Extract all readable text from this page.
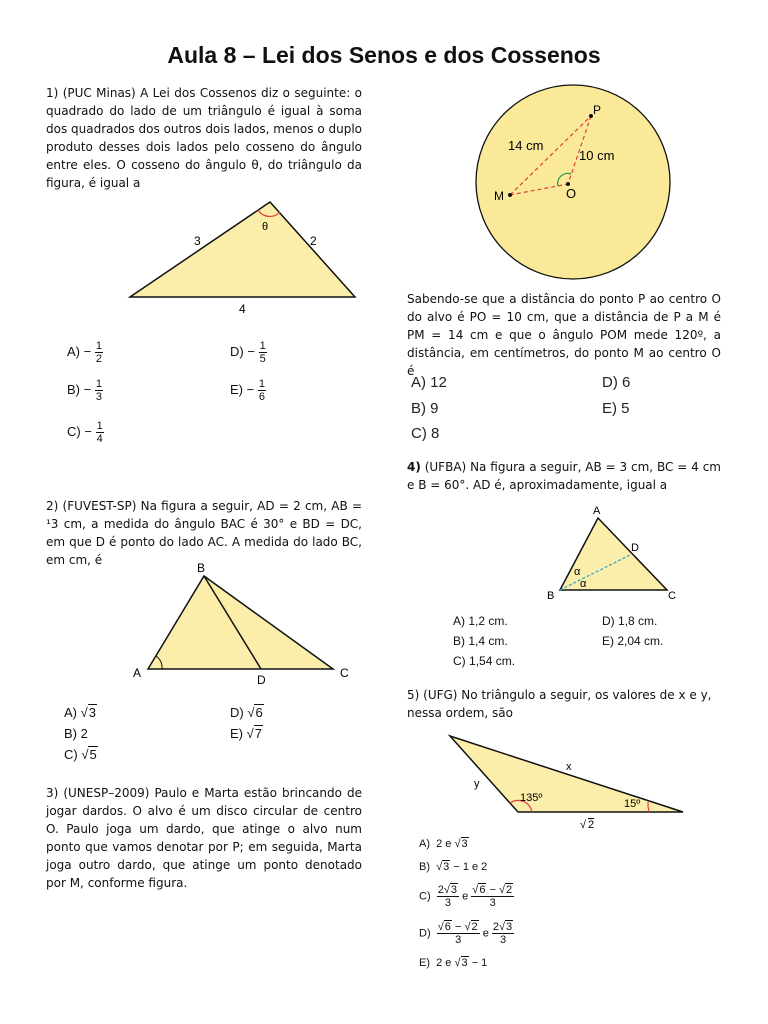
Aula 8 – Lei dos Senos e dos Cossenos
1) (PUC Minas) A Lei dos Cossenos diz o seguinte: o quadrado do lado de um triângulo é igual à soma dos quadrados dos outros dois lados, menos o duplo produto desses dois lados pelo cosseno do ângulo entre eles. O cosseno do ângulo θ, do triângulo da figura, é igual a
θ
3	2
4
$A) - \frac{1}{2}$
$B) - \frac{1}{3}$
$C) - \frac{1}{4}$
$D) - \frac{1}{5}$
$E) - \frac{1}{6}$
2) (FUVEST-SP) Na figura a seguir, AD = 2 cm, AB = ¹3 cm, a medida do ângulo BAC é 30° e BD = DC, em que D é ponto do lado AC. A medida do lado BC, em cm, é
B
A	D	C
A) √3
B) 2
C) √5
D) √6
E) √7
3) (UNESP–2009) Paulo e Marta estão brincando de jogar dardos. O alvo é um disco circular de centro O. Paulo joga um dardo, que atinge o alvo num ponto que vamos denotar por P; em seguida, Marta joga outro dardo, que atinge um ponto denotado por M, conforme figura.
P
M	O
14 cm
10 cm
Sabendo-se que a distância do ponto P ao centro O do alvo é PO = 10 cm, que a distância de P a M é PM = 14 cm e que o ângulo POM mede 120º, a distância, em centímetros, do ponto M ao centro O é
A) 12
B) 9
C) 8
D) 6
E) 5
4) (UFBA) Na figura a seguir, AB = 3 cm, BC = 4 cm e B = 60°. AD é, aproximadamente, igual a
A
B	C
D
α
α
A) 1,2 cm.
B) 1,4 cm.
C) 1,54 cm.
D) 1,8 cm.
E) 2,04 cm.
5) (UFG) No triângulo a seguir, os valores de x e y, nessa ordem, são
x
y
135º	15º
√ 2
A) 2 e √3
B)  √3 − 1 e 2
$C) \frac{2√3}{3}$ e $\frac{√6 - √2}{3}$
$D) \frac{√6 - √2}{3}$ e $\frac{2√3}{3}$
E) 2 e √3 − 1
